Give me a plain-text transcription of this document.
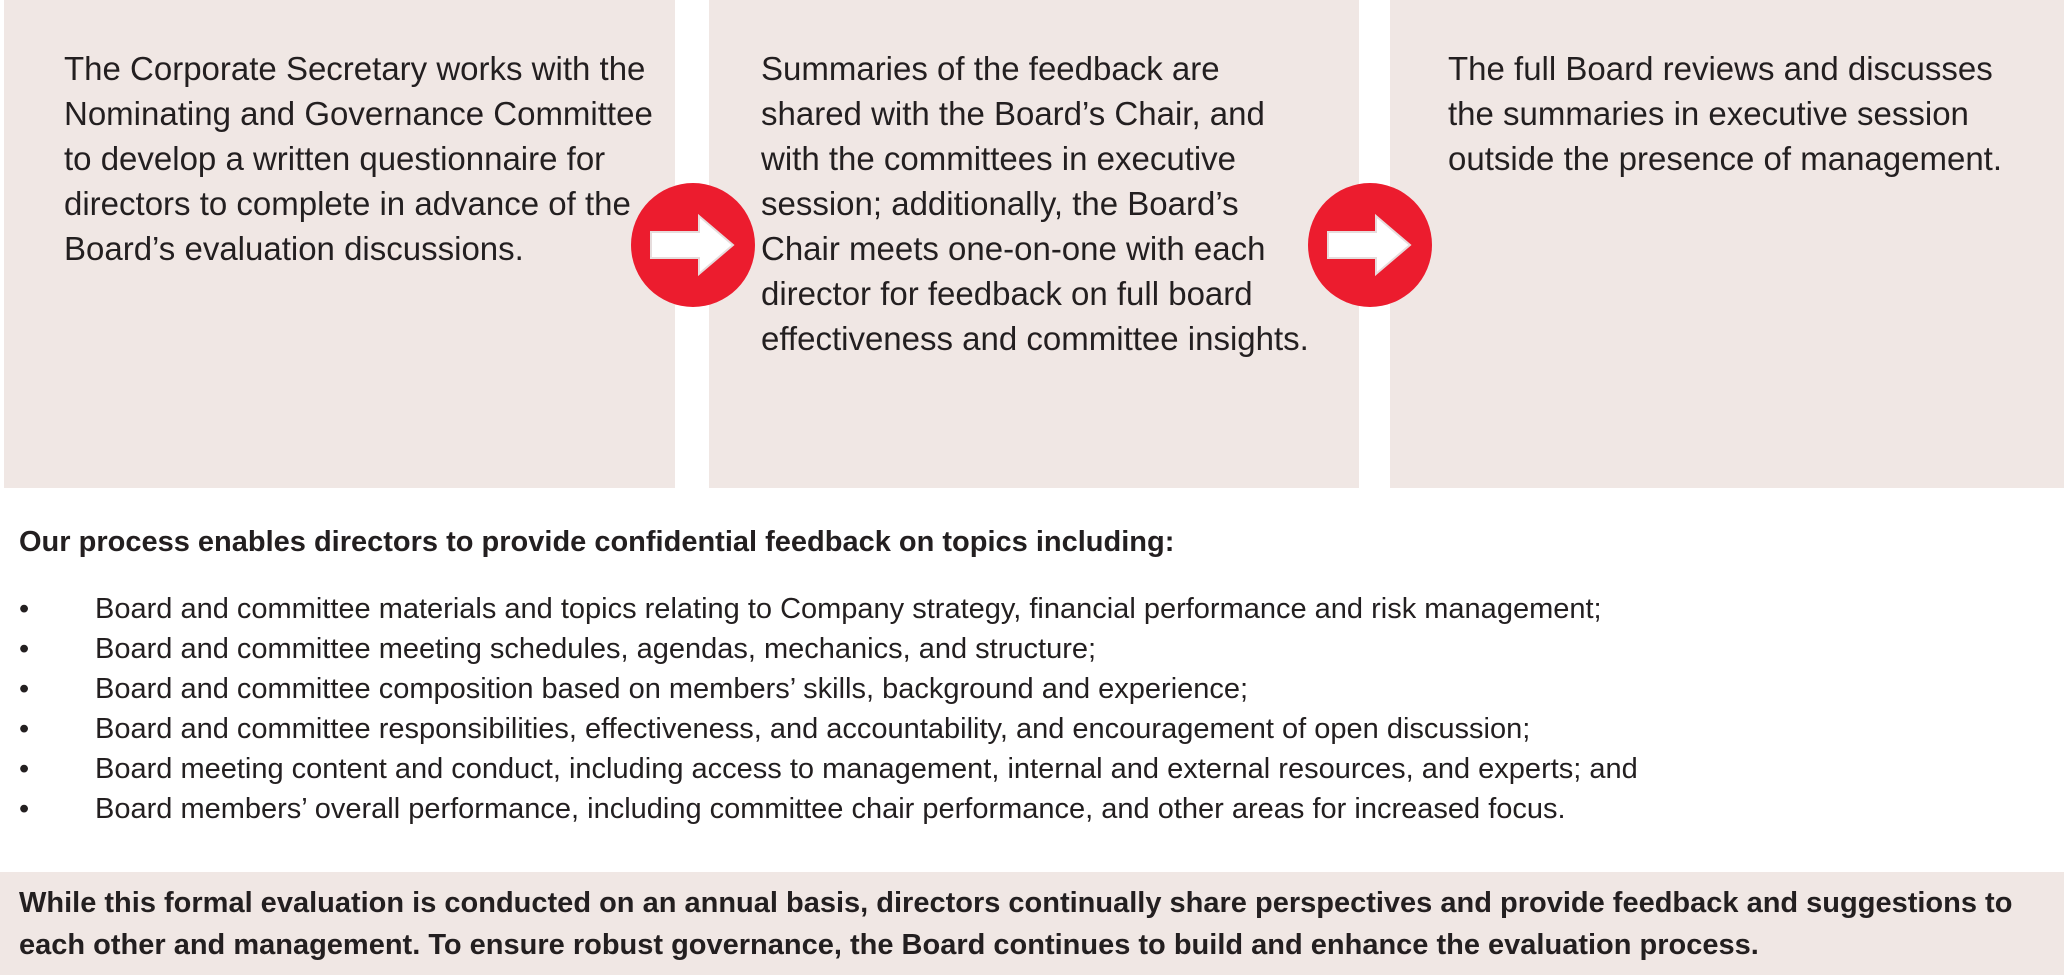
The Corporate Secretary works with the Nominating and Governance Committee to develop a written questionnaire for directors to complete in advance of the Board’s evaluation discussions.

Summaries of the feedback are shared with the Board’s Chair, and with the committees in executive session; additionally, the Board’s Chair meets one-on-one with each director for feedback on full board effectiveness and committee insights.

The full Board reviews and discusses the summaries in executive session outside the presence of management.

Our process enables directors to provide confidential feedback on topics including:

• Board and committee materials and topics relating to Company strategy, financial performance and risk management;
• Board and committee meeting schedules, agendas, mechanics, and structure;
• Board and committee composition based on members’ skills, background and experience;
• Board and committee responsibilities, effectiveness, and accountability, and encouragement of open discussion;
• Board meeting content and conduct, including access to management, internal and external resources, and experts; and
• Board members’ overall performance, including committee chair performance, and other areas for increased focus.

While this formal evaluation is conducted on an annual basis, directors continually share perspectives and provide feedback and suggestions to each other and management. To ensure robust governance, the Board continues to build and enhance the evaluation process.
